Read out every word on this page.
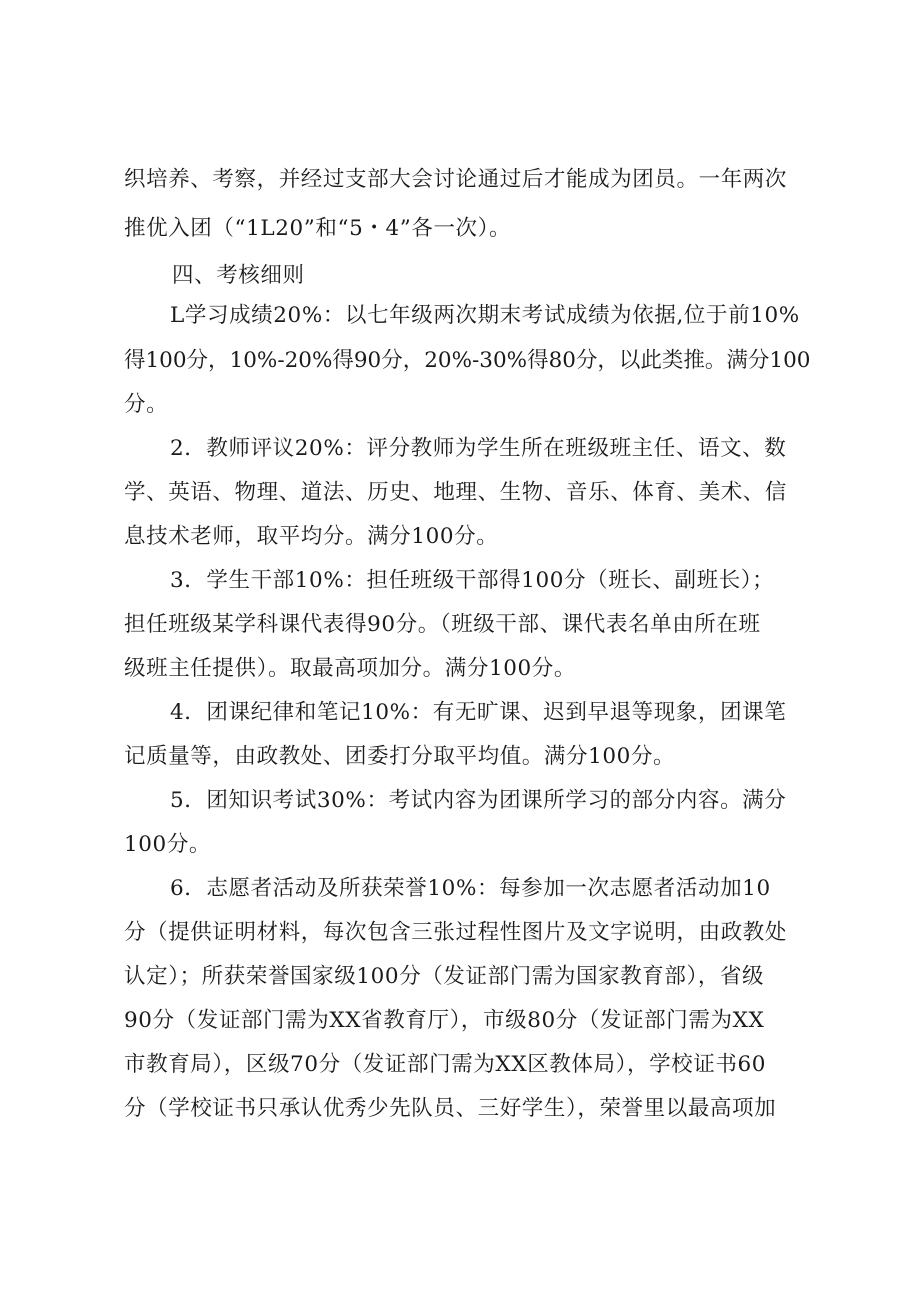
织培养、考察，并经过支部大会讨论通过后才能成为团员。一年两次
推优入团（“1L20”和“5・4”各一次）。
四、考核细则
L学习成绩20%：以七年级两次期末考试成绩为依据,位于前10%
得100分，10%-20%得90分，20%-30%得80分，以此类推。满分100
分。
2．教师评议20%：评分教师为学生所在班级班主任、语文、数
学、英语、物理、道法、历史、地理、生物、音乐、体育、美术、信
息技术老师，取平均分。满分100分。
3．学生干部10%：担任班级干部得100分（班长、副班长）；
担任班级某学科课代表得90分。（班级干部、课代表名单由所在班
级班主任提供）。取最高项加分。满分100分。
4．团课纪律和笔记10%：有无旷课、迟到早退等现象，团课笔
记质量等，由政教处、团委打分取平均值。满分100分。
5．团知识考试30%：考试内容为团课所学习的部分内容。满分
100分。
6．志愿者活动及所获荣誉10%：每参加一次志愿者活动加10
分（提供证明材料，每次包含三张过程性图片及文字说明，由政教处
认定）；所获荣誉国家级100分（发证部门需为国家教育部），省级
90分（发证部门需为XX省教育厅），市级80分（发证部门需为XX
市教育局），区级70分（发证部门需为XX区教体局），学校证书60
分（学校证书只承认优秀少先队员、三好学生），荣誉里以最高项加
